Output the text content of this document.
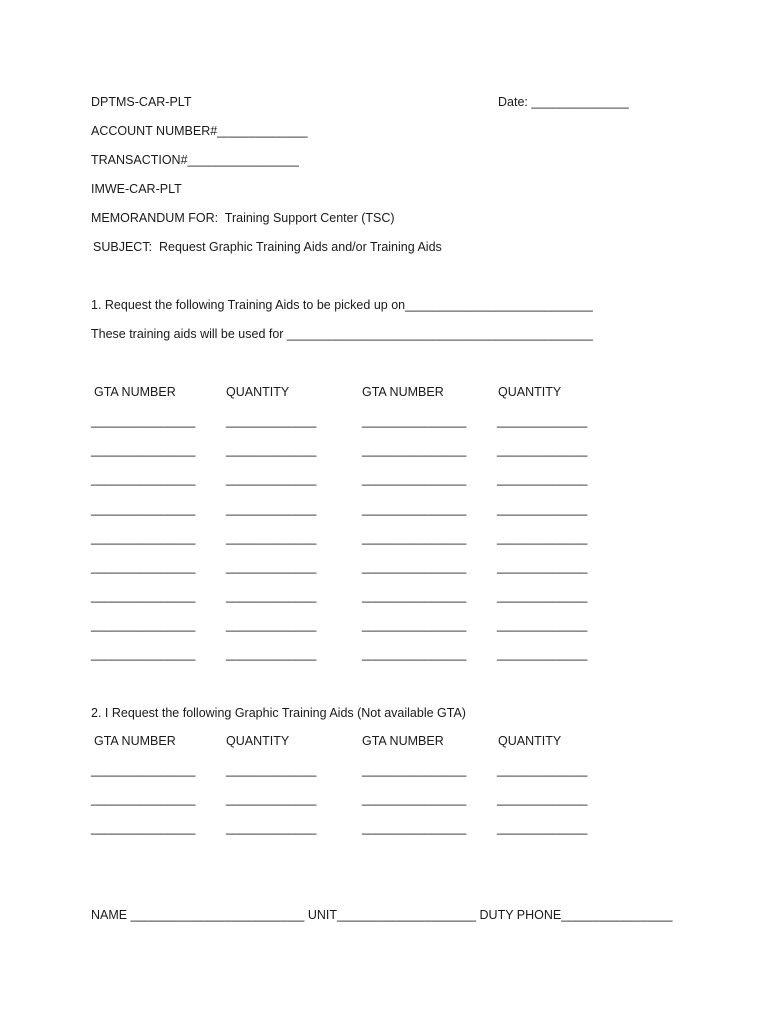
DPTMS-CAR-PLT	Date: ______________
ACCOUNT NUMBER#_____________
TRANSACTION#________________
IMWE-CAR-PLT
MEMORANDUM FOR:  Training Support Center (TSC)
SUBJECT:  Request Graphic Training Aids and/or Training Aids
1. Request the following Training Aids to be picked up on___________________________
These training aids will be used for ____________________________________________
GTA NUMBER	QUANTITY	GTA NUMBER	QUANTITY
_______________ _____________	_______________ _____________
_______________ _____________	_______________ _____________
_______________ _____________	_______________ _____________
_______________ _____________	_______________ _____________
_______________ _____________	_______________ _____________
_______________ _____________	_______________ _____________
_______________ _____________	_______________ _____________
_______________ _____________	_______________ _____________
_______________ _____________	_______________ _____________
2. I Request the following Graphic Training Aids (Not available GTA)
GTA NUMBER	QUANTITY	GTA NUMBER	QUANTITY
_______________ _____________	_______________ _____________
_______________ _____________	_______________ _____________
_______________ _____________	_______________ _____________
NAME _________________________ UNIT____________________ DUTY PHONE________________
